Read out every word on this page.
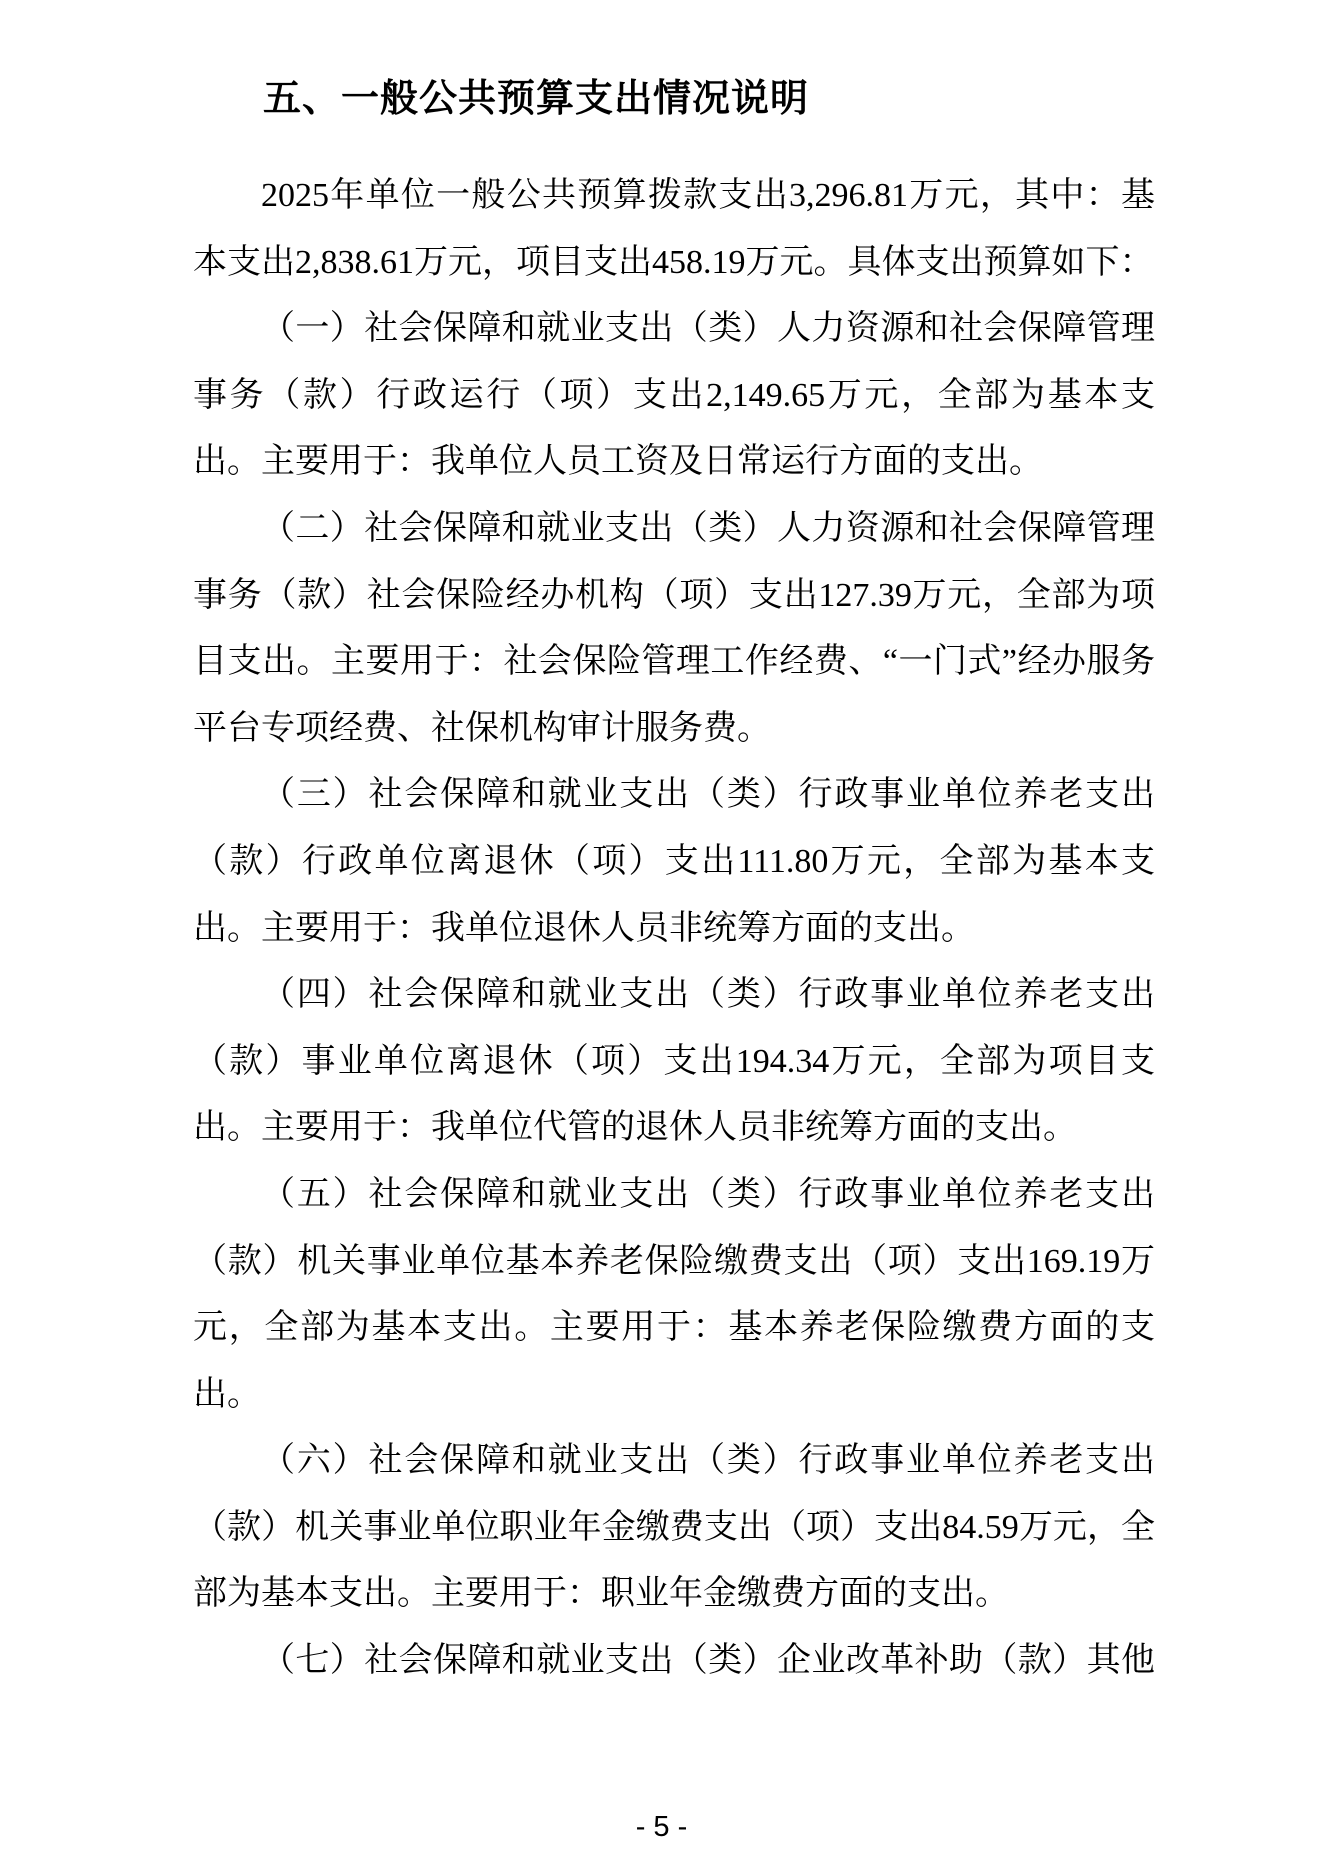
五、一般公共预算支出情况说明

2025年单位一般公共预算拨款支出3,296.81万元，其中：基本支出2,838.61万元，项目支出458.19万元。具体支出预算如下：

（一）社会保障和就业支出（类）人力资源和社会保障管理事务（款）行政运行（项）支出2,149.65万元，全部为基本支出。主要用于：我单位人员工资及日常运行方面的支出。

（二）社会保障和就业支出（类）人力资源和社会保障管理事务（款）社会保险经办机构（项）支出127.39万元，全部为项目支出。主要用于：社会保险管理工作经费、“一门式”经办服务平台专项经费、社保机构审计服务费。

（三）社会保障和就业支出（类）行政事业单位养老支出（款）行政单位离退休（项）支出111.80万元，全部为基本支出。主要用于：我单位退休人员非统筹方面的支出。

（四）社会保障和就业支出（类）行政事业单位养老支出（款）事业单位离退休（项）支出194.34万元，全部为项目支出。主要用于：我单位代管的退休人员非统筹方面的支出。

（五）社会保障和就业支出（类）行政事业单位养老支出（款）机关事业单位基本养老保险缴费支出（项）支出169.19万元，全部为基本支出。主要用于：基本养老保险缴费方面的支出。

（六）社会保障和就业支出（类）行政事业单位养老支出（款）机关事业单位职业年金缴费支出（项）支出84.59万元，全部为基本支出。主要用于：职业年金缴费方面的支出。

（七）社会保障和就业支出（类）企业改革补助（款）其他

- 5 -
